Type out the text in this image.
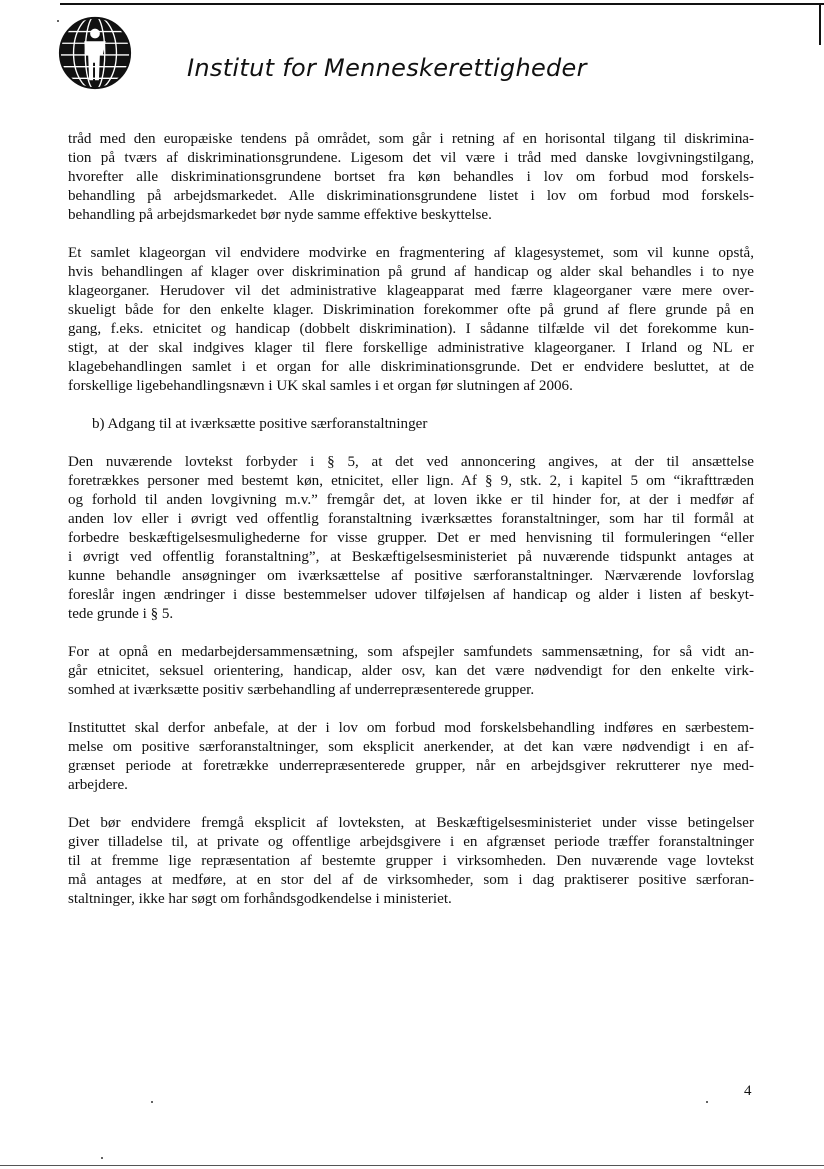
Institut for Menneskerettigheder
tråd med den europæiske tendens på området, som går i retning af en horisontal tilgang til diskrimina-
tion på tværs af diskriminationsgrundene. Ligesom det vil være i tråd med danske lovgivningstilgang,
hvorefter alle diskriminationsgrundene bortset fra køn behandles i lov om forbud mod forskels-
behandling på arbejdsmarkedet. Alle diskriminationsgrundene listet i lov om forbud mod forskels-
behandling på arbejdsmarkedet bør nyde samme effektive beskyttelse.
Et samlet klageorgan vil endvidere modvirke en fragmentering af klagesystemet, som vil kunne opstå,
hvis behandlingen af klager over diskrimination på grund af handicap og alder skal behandles i to nye
klageorganer. Herudover vil det administrative klageapparat med færre klageorganer være mere over-
skueligt både for den enkelte klager. Diskrimination forekommer ofte på grund af flere grunde på en
gang, f.eks. etnicitet og handicap (dobbelt diskrimination). I sådanne tilfælde vil det forekomme kun-
stigt, at der skal indgives klager til flere forskellige administrative klageorganer. I Irland og NL er
klagebehandlingen samlet i et organ for alle diskriminationsgrunde. Det er endvidere besluttet, at de
forskellige ligebehandlingsnævn i UK skal samles i et organ før slutningen af 2006.
b) Adgang til at iværksætte positive særforanstaltninger
Den nuværende lovtekst forbyder i § 5, at det ved annoncering angives, at der til ansættelse
foretrækkes personer med bestemt køn, etnicitet, eller lign. Af § 9, stk. 2, i kapitel 5 om “ikrafttræden
og forhold til anden lovgivning m.v.” fremgår det, at loven ikke er til hinder for, at der i medfør af
anden lov eller i øvrigt ved offentlig foranstaltning iværksættes foranstaltninger, som har til formål at
forbedre beskæftigelsesmulighederne for visse grupper. Det er med henvisning til formuleringen “eller
i øvrigt ved offentlig foranstaltning”, at Beskæftigelsesministeriet på nuværende tidspunkt antages at
kunne behandle ansøgninger om iværksættelse af positive særforanstaltninger. Nærværende lovforslag
foreslår ingen ændringer i disse bestemmelser udover tilføjelsen af handicap og alder i listen af beskyt-
tede grunde i § 5.
For at opnå en medarbejdersammensætning, som afspejler samfundets sammensætning, for så vidt an-
går etnicitet, seksuel orientering, handicap, alder osv, kan det være nødvendigt for den enkelte virk-
somhed at iværksætte positiv særbehandling af underrepræsenterede grupper.
Instituttet skal derfor anbefale, at der i lov om forbud mod forskelsbehandling indføres en særbestem-
melse om positive særforanstaltninger, som eksplicit anerkender, at det kan være nødvendigt i en af-
grænset periode at foretrække underrepræsenterede grupper, når en arbejdsgiver rekrutterer nye med-
arbejdere.
Det bør endvidere fremgå eksplicit af lovteksten, at Beskæftigelsesministeriet under visse betingelser
giver tilladelse til, at private og offentlige arbejdsgivere i en afgrænset periode træffer foranstaltninger
til at fremme lige repræsentation af bestemte grupper i virksomheden. Den nuværende vage lovtekst
må antages at medføre, at en stor del af de virksomheder, som i dag praktiserer positive særforan-
staltninger, ikke har søgt om forhåndsgodkendelse i ministeriet.
4
